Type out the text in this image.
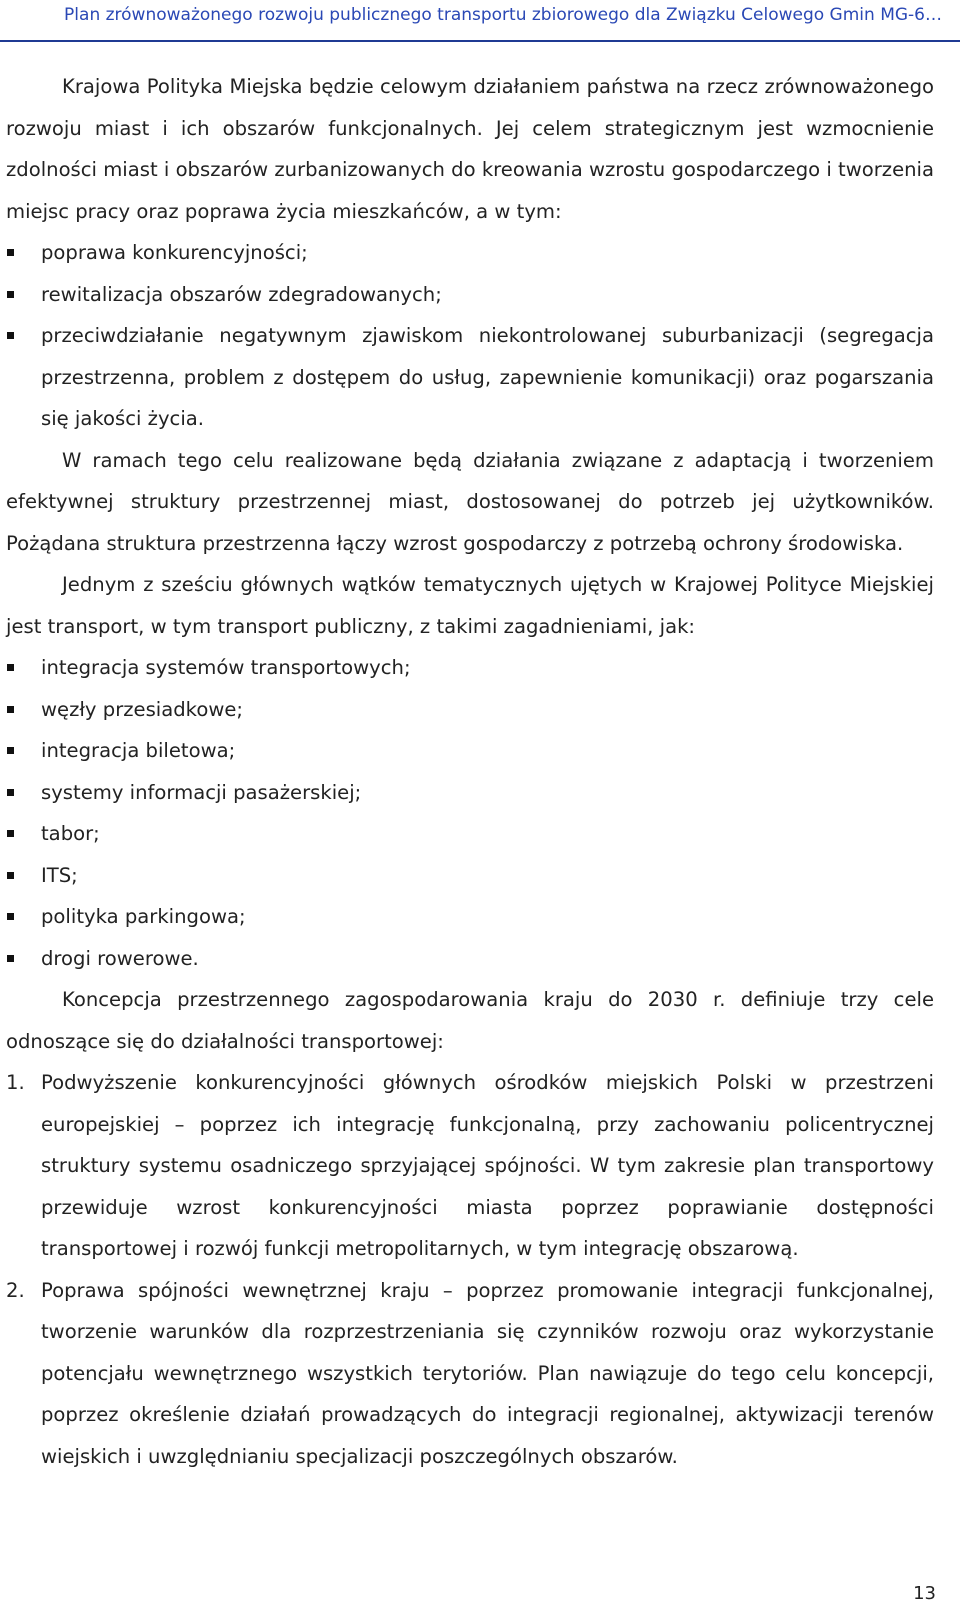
Plan zrównoważonego rozwoju publicznego transportu zbiorowego dla Związku Celowego Gmin MG-6…

Krajowa Polityka Miejska będzie celowym działaniem państwa na rzecz zrównoważonego rozwoju miast i ich obszarów funkcjonalnych. Jej celem strategicznym jest wzmocnienie zdolności miast i obszarów zurbanizowanych do kreowania wzrostu gospodarczego i tworzenia miejsc pracy oraz poprawa życia mieszkańców, a w tym:

poprawa konkurencyjności;
rewitalizacja obszarów zdegradowanych;
przeciwdziałanie negatywnym zjawiskom niekontrolowanej suburbanizacji (segregacja przestrzenna, problem z dostępem do usług, zapewnienie komunikacji) oraz pogarszania się jakości życia.

W ramach tego celu realizowane będą działania związane z adaptacją i tworzeniem efektywnej struktury przestrzennej miast, dostosowanej do potrzeb jej użytkowników. Pożądana struktura przestrzenna łączy wzrost gospodarczy z potrzebą ochrony środowiska.

Jednym z sześciu głównych wątków tematycznych ujętych w Krajowej Polityce Miejskiej jest transport, w tym transport publiczny, z takimi zagadnieniami, jak:

integracja systemów transportowych;
węzły przesiadkowe;
integracja biletowa;
systemy informacji pasażerskiej;
tabor;
ITS;
polityka parkingowa;
drogi rowerowe.

Koncepcja przestrzennego zagospodarowania kraju do 2030 r. definiuje trzy cele odnoszące się do działalności transportowej:

1. Podwyższenie konkurencyjności głównych ośrodków miejskich Polski w przestrzeni europejskiej – poprzez ich integrację funkcjonalną, przy zachowaniu policentrycznej struktury systemu osadniczego sprzyjającej spójności. W tym zakresie plan transportowy przewiduje wzrost konkurencyjności miasta poprzez poprawianie dostępności transportowej i rozwój funkcji metropolitarnych, w tym integrację obszarową.
2. Poprawa spójności wewnętrznej kraju – poprzez promowanie integracji funkcjonalnej, tworzenie warunków dla rozprzestrzeniania się czynników rozwoju oraz wykorzystanie potencjału wewnętrznego wszystkich terytoriów. Plan nawiązuje do tego celu koncepcji, poprzez określenie działań prowadzących do integracji regionalnej, aktywizacji terenów wiejskich i uwzględnianiu specjalizacji poszczególnych obszarów.
13
